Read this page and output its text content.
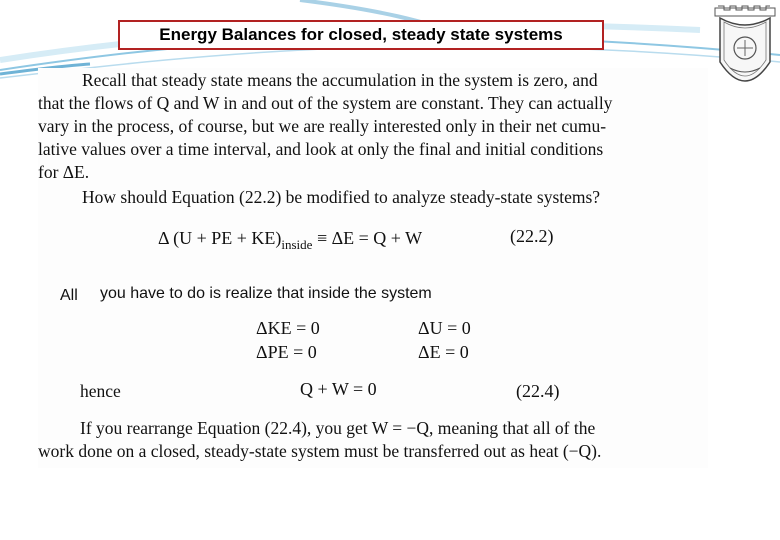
Energy Balances for closed, steady state systems
Recall that steady state means the accumulation in the system is zero, and
that the flows of Q and W in and out of the system are constant. They can actually
vary in the process, of course, but we are really interested only in their net cumu-
lative values over a time interval, and look at only the final and initial conditions
for ΔE.
How should Equation (22.2) be modified to analyze steady-state systems?
Δ (U + PE + $KE)_{inside} \equiv \Delta E = Q + W$	(22.2)
All you have to do is realize that inside the system
ΔKE = 0	ΔU = 0
ΔPE = 0	ΔE = 0
hence	Q + W = 0	(22.4)
If you rearrange Equation (22.4), you get W = −Q, meaning that all of the
work done on a closed, steady-state system must be transferred out as heat (−Q).
